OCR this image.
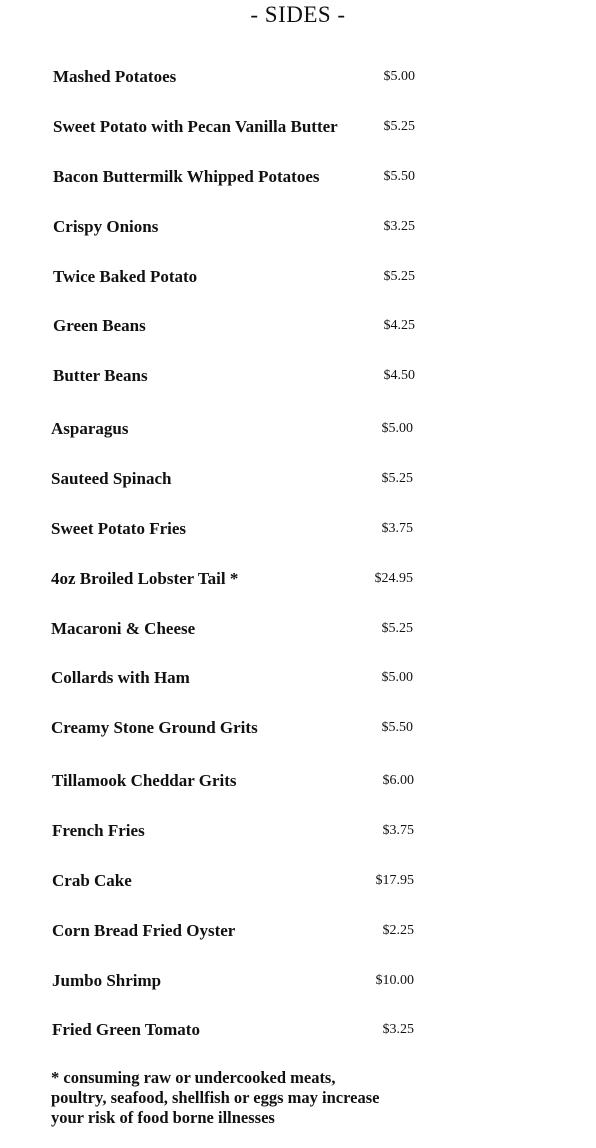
- SIDES -
Mashed Potatoes	$5.00
Sweet Potato with Pecan Vanilla Butter	$5.25
Bacon Buttermilk Whipped Potatoes	$5.50
Crispy Onions	$3.25
Twice Baked Potato	$5.25
Green Beans	$4.25
Butter Beans	$4.50
Asparagus	$5.00
Sauteed Spinach	$5.25
Sweet Potato Fries	$3.75
4oz Broiled Lobster Tail *	$24.95
Macaroni & Cheese	$5.25
Collards with Ham	$5.00
Creamy Stone Ground Grits	$5.50
Tillamook Cheddar Grits	$6.00
French Fries	$3.75
Crab Cake	$17.95
Corn Bread Fried Oyster	$2.25
Jumbo Shrimp	$10.00
Fried Green Tomato	$3.25
* consuming raw or undercooked meats,
poultry, seafood, shellfish or eggs may increase
your risk of food borne illnesses
